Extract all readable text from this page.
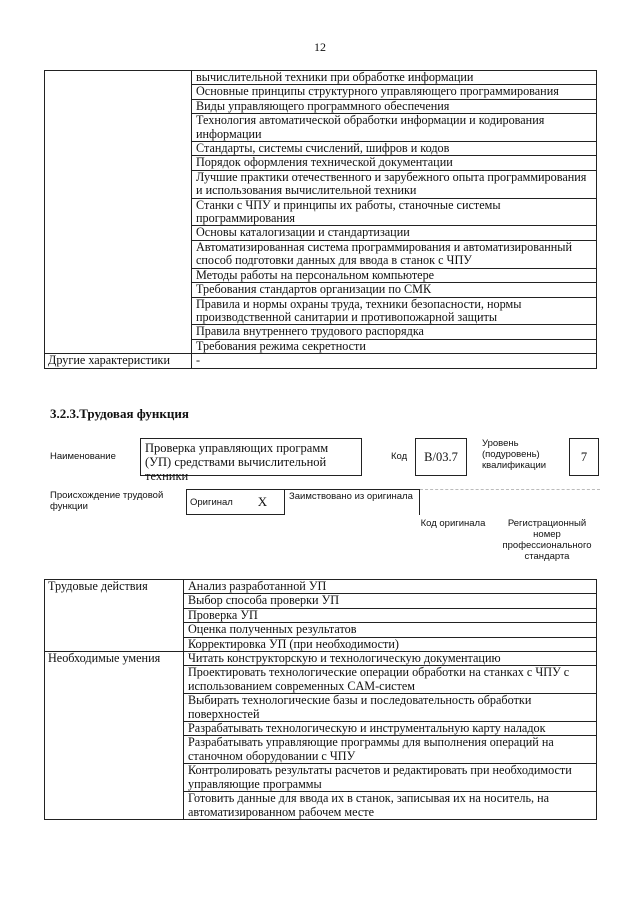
12
	вычислительной техники при обработке информации
	Основные принципы структурного управляющего программирования
	Виды управляющего программного обеспечения
	Технология автоматической обработки информации и кодирования информации
	Стандарты, системы счислений, шифров и кодов
	Порядок оформления технической документации
	Лучшие практики отечественного и зарубежного опыта программирования и использования вычислительной техники
	Станки с ЧПУ и принципы их работы, станочные системы программирования
	Основы каталогизации и стандартизации
	Автоматизированная система программирования и автоматизированный способ подготовки данных для ввода в станок с ЧПУ
	Методы работы на персональном компьютере
	Требования стандартов организации по СМК
	Правила и нормы охраны труда, техники безопасности, нормы производственной санитарии и противопожарной защиты
	Правила внутреннего трудового распорядка
	Требования режима секретности
Другие характеристики	-
3.2.3.Трудовая функция
Наименование
Проверка управляющих программ (УП) средствами вычислительной техники
Код	B/03.7
Уровень (подуровень) квалификации
7
Происхождение трудовой функции	Оригинал	X	Заимствовано из оригинала
Код оригинала	Регистрационный номер профессионального стандарта
Трудовые действия	Анализ разработанной УП
	Выбор способа проверки УП
	Проверка УП
	Оценка полученных результатов
	Корректировка УП (при необходимости)
Необходимые умения	Читать конструкторскую и технологическую документацию
	Проектировать технологические операции обработки на станках с ЧПУ с использованием современных CAM-систем
	Выбирать технологические базы и последовательность обработки поверхностей
	Разрабатывать технологическую и инструментальную карту наладок
	Разрабатывать управляющие программы для выполнения операций на станочном оборудовании с ЧПУ
	Контролировать результаты расчетов и редактировать при необходимости управляющие программы
	Готовить данные для ввода их в станок, записывая их на носитель, на автоматизированном рабочем месте
